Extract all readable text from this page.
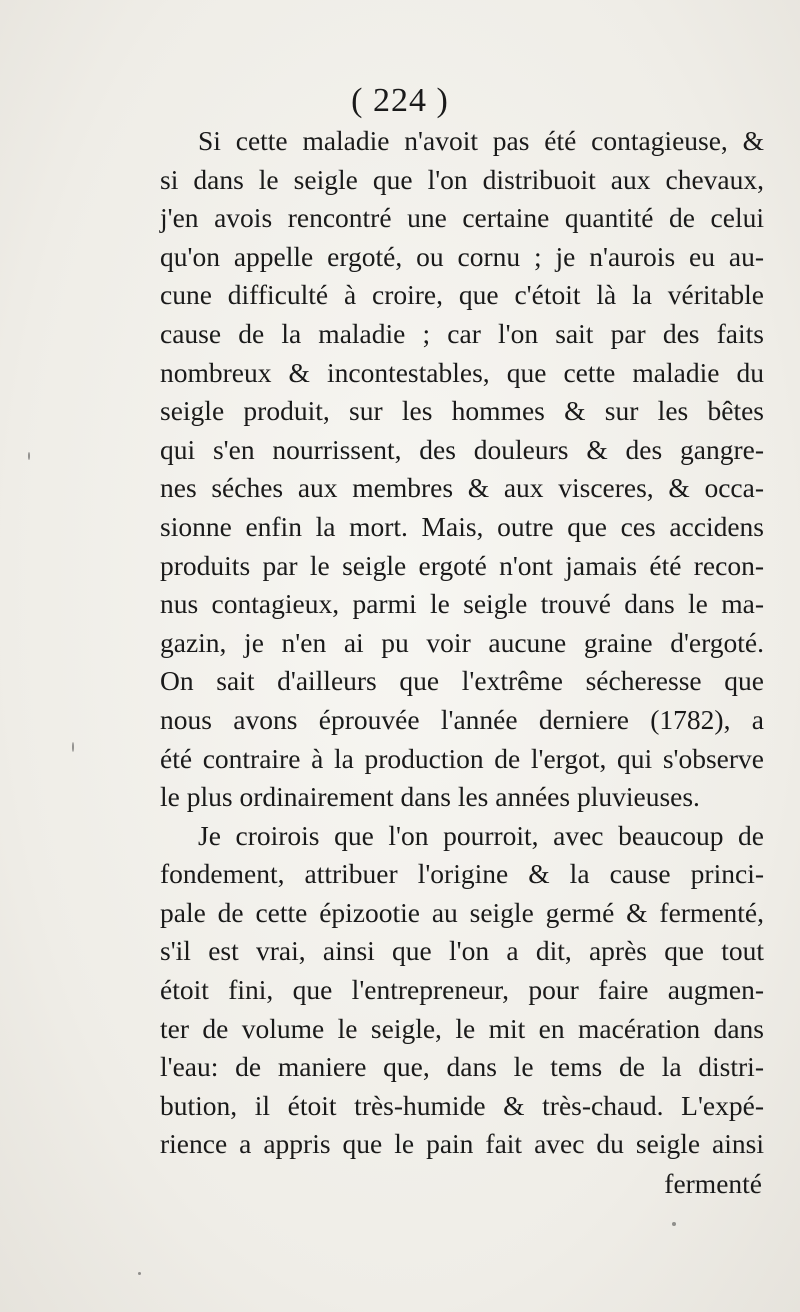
( 224 )
Si cette maladie n'avoit pas été contagieuse, &
si dans le seigle que l'on distribuoit aux chevaux,
j'en avois rencontré une certaine quantité de celui
qu'on appelle ergoté, ou cornu ; je n'aurois eu au-
cune difficulté à croire, que c'étoit là la véritable
cause de la maladie ; car l'on sait par des faits
nombreux & incontestables, que cette maladie du
seigle produit, sur les hommes & sur les bêtes
qui s'en nourrissent, des douleurs & des gangre-
nes séches aux membres & aux visceres, & occa-
sionne enfin la mort. Mais, outre que ces accidens
produits par le seigle ergoté n'ont jamais été recon-
nus contagieux, parmi le seigle trouvé dans le ma-
gazin, je n'en ai pu voir aucune graine d'ergoté.
On sait d'ailleurs que l'extrême sécheresse que
nous avons éprouvée l'année derniere (1782), a
été contraire à la production de l'ergot, qui s'observe
le plus ordinairement dans les années pluvieuses.
Je croirois que l'on pourroit, avec beaucoup de
fondement, attribuer l'origine & la cause princi-
pale de cette épizootie au seigle germé & fermenté,
s'il est vrai, ainsi que l'on a dit, après que tout
étoit fini, que l'entrepreneur, pour faire augmen-
ter de volume le seigle, le mit en macération dans
l'eau: de maniere que, dans le tems de la distri-
bution, il étoit très-humide & très-chaud. L'expé-
rience a appris que le pain fait avec du seigle ainsi
fermenté
